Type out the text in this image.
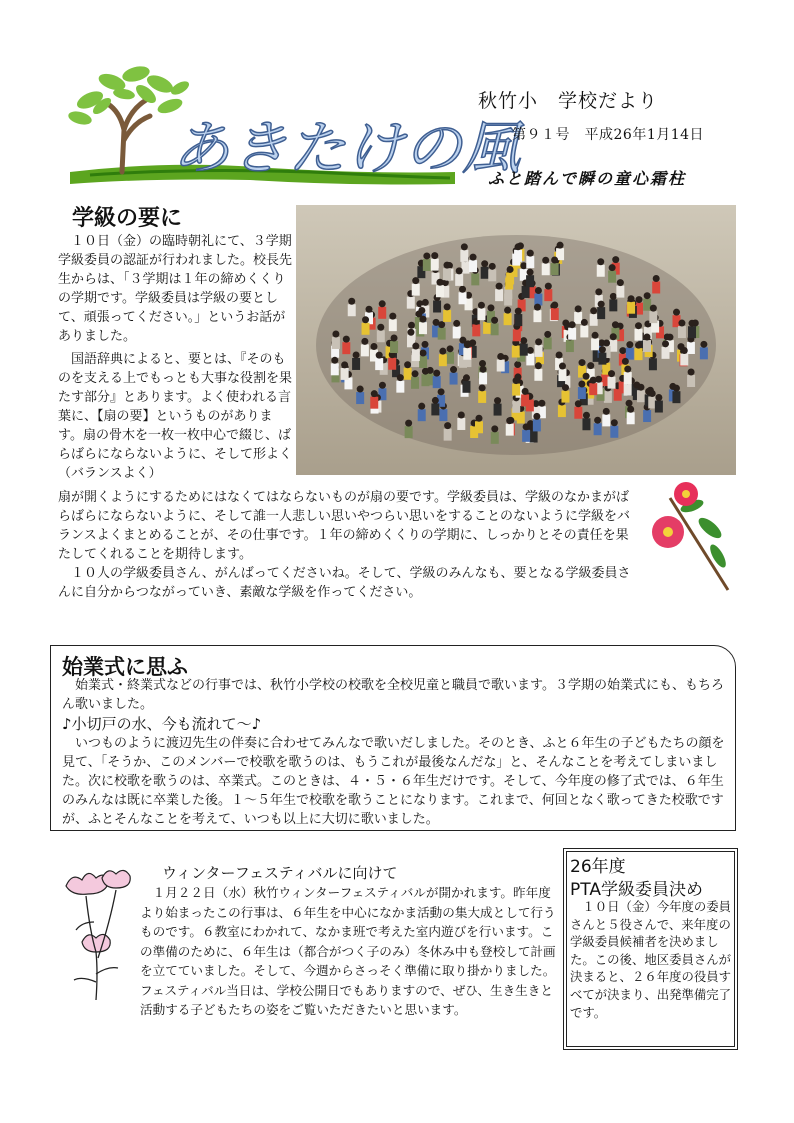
あきたけの風
秋竹小　学校だより
第９１号　平成26年1月14日
ふと踏んで瞬の童心霜柱
学級の要に

　１０日（金）の臨時朝礼にて、３学期学級委員の認証が行われました。校長先生からは、「３学期は１年の締めくくりの学期です。学級委員は学級の要として、頑張ってください。」というお話がありました。

　国語辞典によると、要とは、『そのものを支える上でもっとも大事な役割を果たす部分』とあります。よく使われる言葉に、【扇の要】というものがあります。扇の骨木を一枚一枚中心で綴じ、ばらばらにならないように、そして形よく（バランスよく）

扇が開くようにするためにはなくてはならないものが扇の要です。学級委員は、学級のなかまがばらばらにならないように、そして誰一人悲しい思いやつらい思いをすることのないように学級をバランスよくまとめることが、その仕事です。１年の締めくくりの学期に、しっかりとその責任を果たしてくれることを期待します。

　１０人の学級委員さん、がんばってくださいね。そして、学級のみんなも、要となる学級委員さんに自分からつながっていき、素敵な学級を作ってください。

始業式に思ふ

　始業式・終業式などの行事では、秋竹小学校の校歌を全校児童と職員で歌います。３学期の始業式にも、もちろん歌いました。

♪小切戸の水、今も流れて～♪

　いつものように渡辺先生の伴奏に合わせてみんなで歌いだしました。そのとき、ふと６年生の子どもたちの顔を見て、「そうか、このメンバーで校歌を歌うのは、もうこれが最後なんだな」と、そんなことを考えてしまいました。次に校歌を歌うのは、卒業式。このときは、４・５・６年生だけです。そして、今年度の修了式では、６年生のみんなは既に卒業した後。１～５年生で校歌を歌うことになります。これまで、何回となく歌ってきた校歌ですが、ふとそんなことを考えて、いつも以上に大切に歌いました。

ウィンターフェスティバルに向けて

　１月２２日（水）秋竹ウィンターフェスティバルが開かれます。昨年度より始まったこの行事は、６年生を中心になかま活動の集大成として行うものです。６教室にわかれて、なかま班で考えた室内遊びを行います。この準備のために、６年生は（都合がつく子のみ）冬休み中も登校して計画を立てていました。そして、今週からさっそく準備に取り掛かりました。フェスティバル当日は、学校公開日でもありますので、ぜひ、生き生きと活動する子どもたちの姿をご覧いただきたいと思います。

26年度
PTA学級委員決め

　１０日（金）今年度の委員さんと５役さんで、来年度の学級委員候補者を決めました。この後、地区委員さんが決まると、２６年度の役員すべてが決まり、出発準備完了です。
